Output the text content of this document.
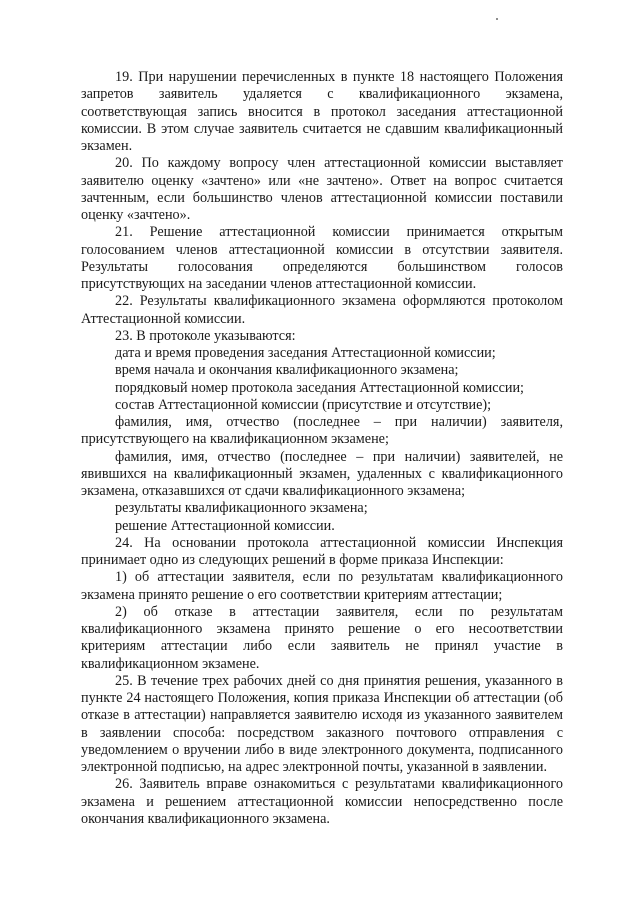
19. При нарушении перечисленных в пункте 18 настоящего Положения запретов заявитель удаляется с квалификационного экзамена, соответствующая запись вносится в протокол заседания аттестационной комиссии. В этом случае заявитель считается не сдавшим квалификационный экзамен.

20. По каждому вопросу член аттестационной комиссии выставляет заявителю оценку «зачтено» или «не зачтено». Ответ на вопрос считается зачтенным, если большинство членов аттестационной комиссии поставили оценку «зачтено».

21. Решение аттестационной комиссии принимается открытым голосованием членов аттестационной комиссии в отсутствии заявителя. Результаты голосования определяются большинством голосов присутствующих на заседании членов аттестационной комиссии.

22. Результаты квалификационного экзамена оформляются протоколом Аттестационной комиссии.

23. В протоколе указываются:

дата и время проведения заседания Аттестационной комиссии;

время начала и окончания квалификационного экзамена;

порядковый номер протокола заседания Аттестационной комиссии;

состав Аттестационной комиссии (присутствие и отсутствие);

фамилия, имя, отчество (последнее – при наличии) заявителя, присутствующего на квалификационном экзамене;

фамилия, имя, отчество (последнее – при наличии) заявителей, не явившихся на квалификационный экзамен, удаленных с квалификационного экзамена, отказавшихся от сдачи квалификационного экзамена;

результаты квалификационного экзамена;

решение Аттестационной комиссии.

24. На основании протокола аттестационной комиссии Инспекция принимает одно из следующих решений в форме приказа Инспекции:

1) об аттестации заявителя, если по результатам квалификационного экзамена принято решение о его соответствии критериям аттестации;

2) об отказе в аттестации заявителя, если по результатам квалификационного экзамена принято решение о его несоответствии критериям аттестации либо если заявитель не принял участие в квалификационном экзамене.

25. В течение трех рабочих дней со дня принятия решения, указанного в пункте 24 настоящего Положения, копия приказа Инспекции об аттестации (об отказе в аттестации) направляется заявителю исходя из указанного заявителем в заявлении способа: посредством заказного почтового отправления с уведомлением о вручении либо в виде электронного документа, подписанного электронной подписью, на адрес электронной почты, указанной в заявлении.

26. Заявитель вправе ознакомиться с результатами квалификационного экзамена и решением аттестационной комиссии непосредственно после окончания квалификационного экзамена.
